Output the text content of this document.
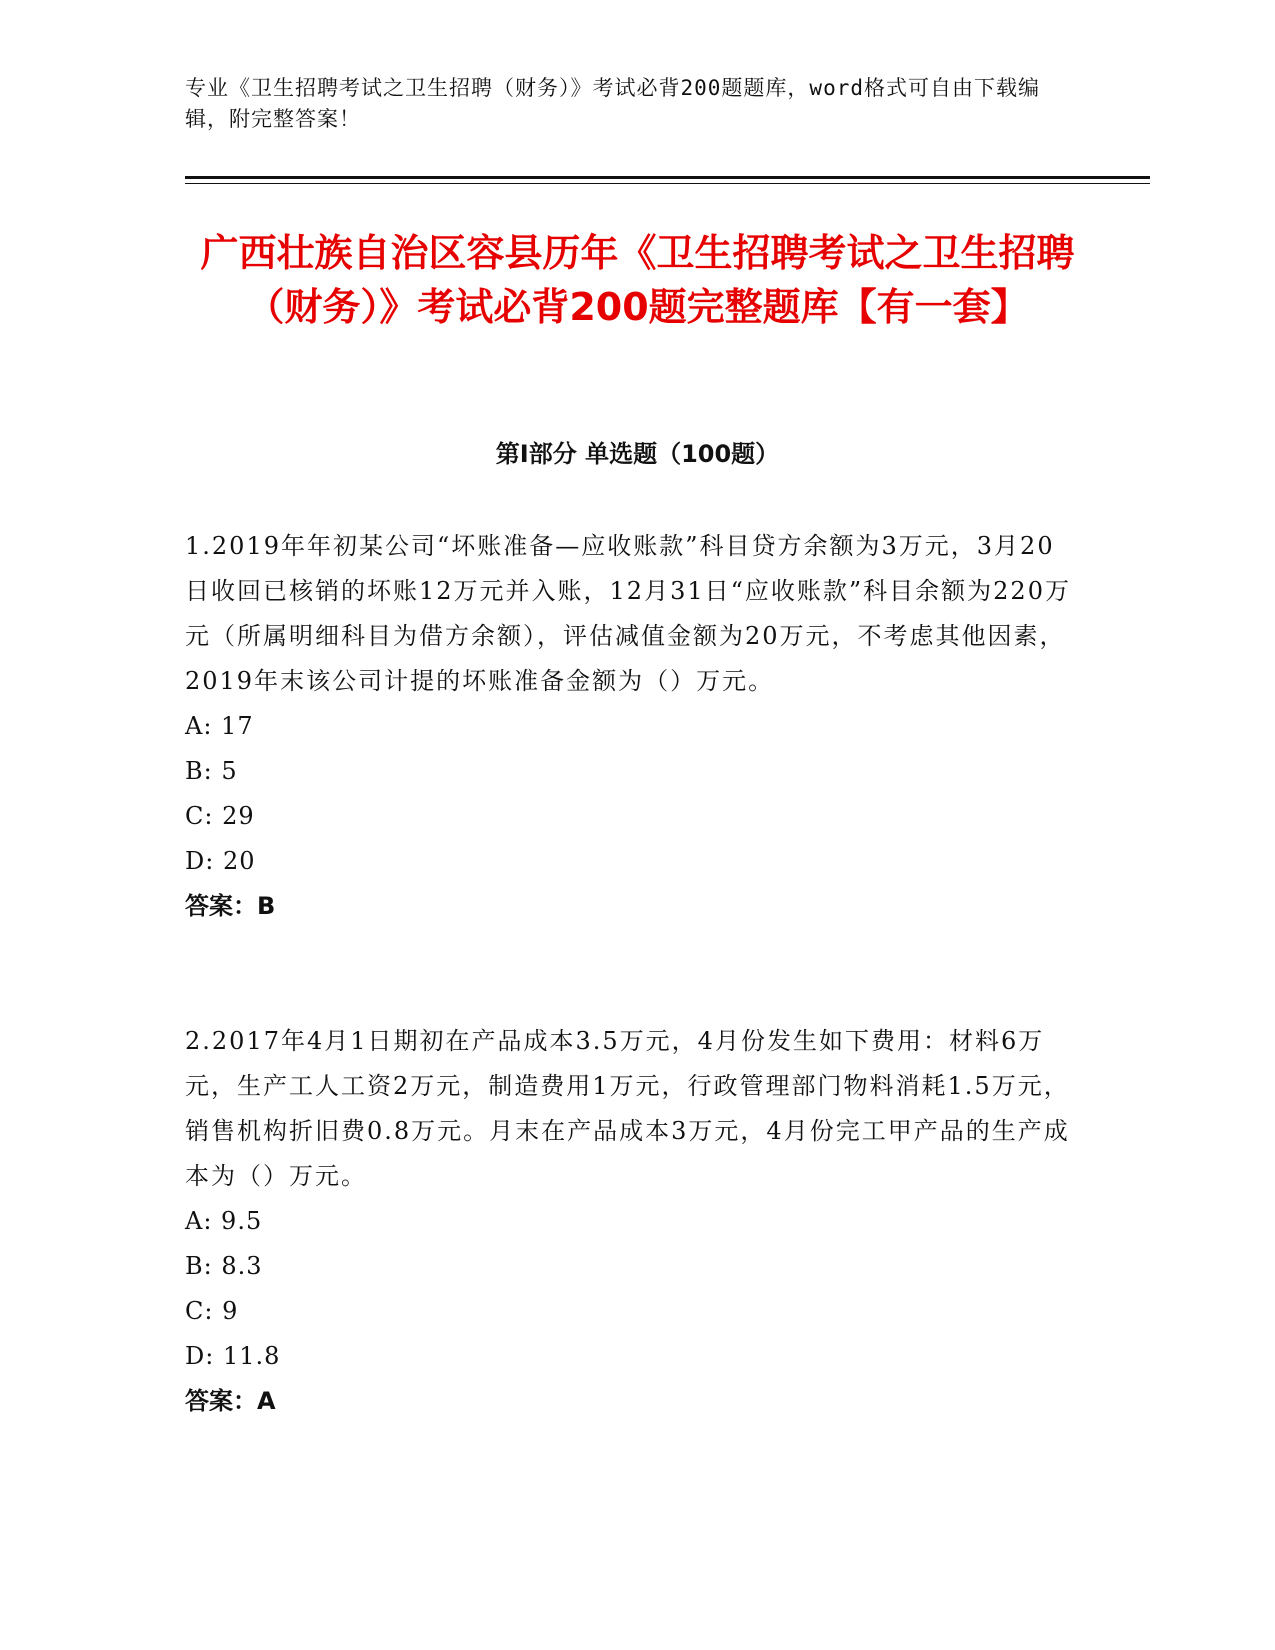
专业《卫生招聘考试之卫生招聘（财务）》考试必背200题题库，word格式可自由下载编辑，附完整答案！
广西壮族自治区容县历年《卫生招聘考试之卫生招聘（财务）》考试必背200题完整题库【有一套】
第Ⅰ部分 单选题（100题）

1.2019年年初某公司“坏账准备—应收账款”科目贷方余额为3万元，3月20日收回已核销的坏账12万元并入账，12月31日“应收账款”科目余额为220万元（所属明细科目为借方余额），评估减值金额为20万元，不考虑其他因素，2019年末该公司计提的坏账准备金额为（）万元。

A: 17
B: 5
C: 29
D: 20
答案：B

2.2017年4月1日期初在产品成本3.5万元，4月份发生如下费用：材料6万元，生产工人工资2万元，制造费用1万元，行政管理部门物料消耗1.5万元，销售机构折旧费0.8万元。月末在产品成本3万元，4月份完工甲产品的生产成本为（）万元。

A: 9.5
B: 8.3
C: 9
D: 11.8
答案：A
